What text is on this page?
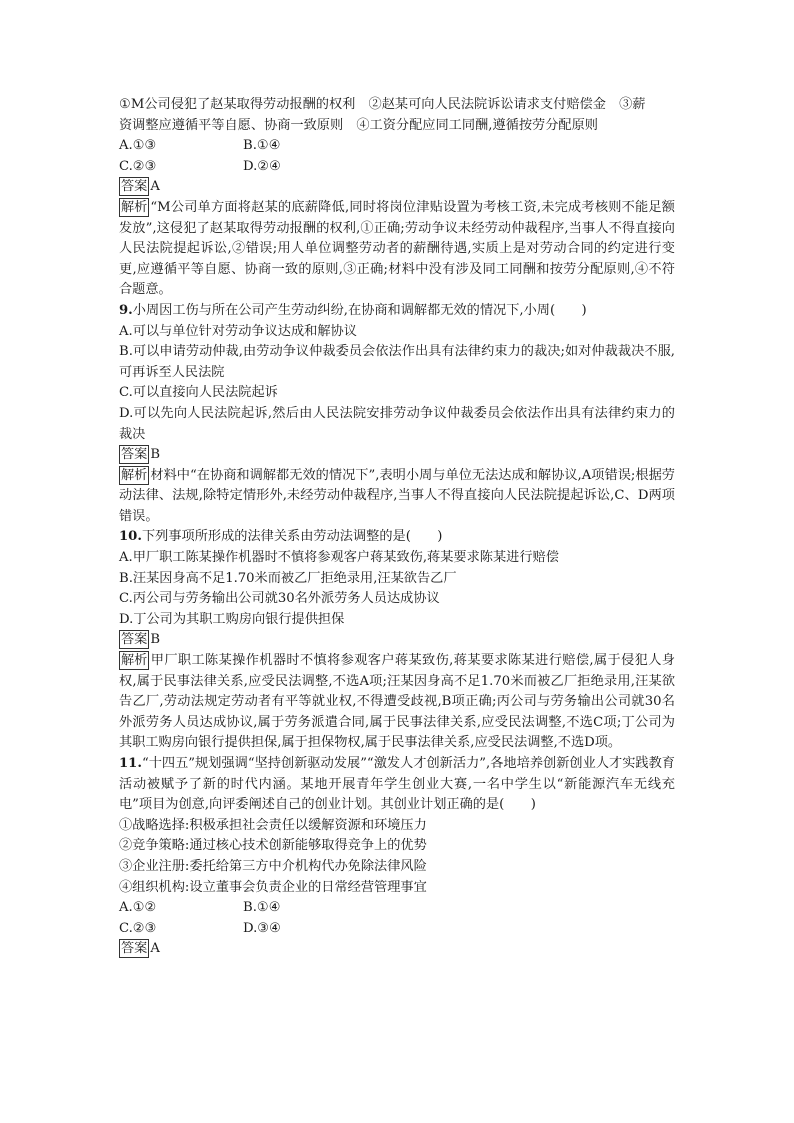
①M公司侵犯了赵某取得劳动报酬的权利　②赵某可向人民法院诉讼请求支付赔偿金　③薪

资调整应遵循平等自愿、协商一致原则　④工资分配应同工同酬,遵循按劳分配原则

A.①③	B.①④
C.②③	D.②④

答案 A

解析 “M公司单方面将赵某的底薪降低,同时将岗位津贴设置为考核工资,未完成考核则不能足额发放”,这侵犯了赵某取得劳动报酬的权利,①正确;劳动争议未经劳动仲裁程序,当事人不得直接向人民法院提起诉讼,②错误;用人单位调整劳动者的薪酬待遇,实质上是对劳动合同的约定进行变更,应遵循平等自愿、协商一致的原则,③正确;材料中没有涉及同工同酬和按劳分配原则,④不符合题意。

9.小周因工伤与所在公司产生劳动纠纷,在协商和调解都无效的情况下,小周(　　)

A.可以与单位针对劳动争议达成和解协议

B.可以申请劳动仲裁,由劳动争议仲裁委员会依法作出具有法律约束力的裁决;如对仲裁裁决不服,可再诉至人民法院

C.可以直接向人民法院起诉

D.可以先向人民法院起诉,然后由人民法院安排劳动争议仲裁委员会依法作出具有法律约束力的裁决

答案 B

解析 材料中“在协商和调解都无效的情况下”,表明小周与单位无法达成和解协议,A项错误;根据劳动法律、法规,除特定情形外,未经劳动仲裁程序,当事人不得直接向人民法院提起诉讼,C、D两项错误。

10.下列事项所形成的法律关系由劳动法调整的是(　　)

A.甲厂职工陈某操作机器时不慎将参观客户蒋某致伤,蒋某要求陈某进行赔偿

B.汪某因身高不足1.70米而被乙厂拒绝录用,汪某欲告乙厂

C.丙公司与劳务输出公司就30名外派劳务人员达成协议

D.丁公司为其职工购房向银行提供担保

答案 B

解析 甲厂职工陈某操作机器时不慎将参观客户蒋某致伤,蒋某要求陈某进行赔偿,属于侵犯人身权,属于民事法律关系,应受民法调整,不选A项;汪某因身高不足1.70米而被乙厂拒绝录用,汪某欲告乙厂,劳动法规定劳动者有平等就业权,不得遭受歧视,B项正确;丙公司与劳务输出公司就30名外派劳务人员达成协议,属于劳务派遣合同,属于民事法律关系,应受民法调整,不选C项;丁公司为其职工购房向银行提供担保,属于担保物权,属于民事法律关系,应受民法调整,不选D项。

11.“十四五”规划强调“坚持创新驱动发展”“激发人才创新活力”,各地培养创新创业人才实践教育活动被赋予了新的时代内涵。某地开展青年学生创业大赛,一名中学生以“新能源汽车无线充电”项目为创意,向评委阐述自己的创业计划。其创业计划正确的是(　　)

①战略选择:积极承担社会责任以缓解资源和环境压力

②竞争策略:通过核心技术创新能够取得竞争上的优势

③企业注册:委托给第三方中介机构代办免除法律风险

④组织机构:设立董事会负责企业的日常经营管理事宜

A.①②	B.①④
C.②③	D.③④

答案 A
